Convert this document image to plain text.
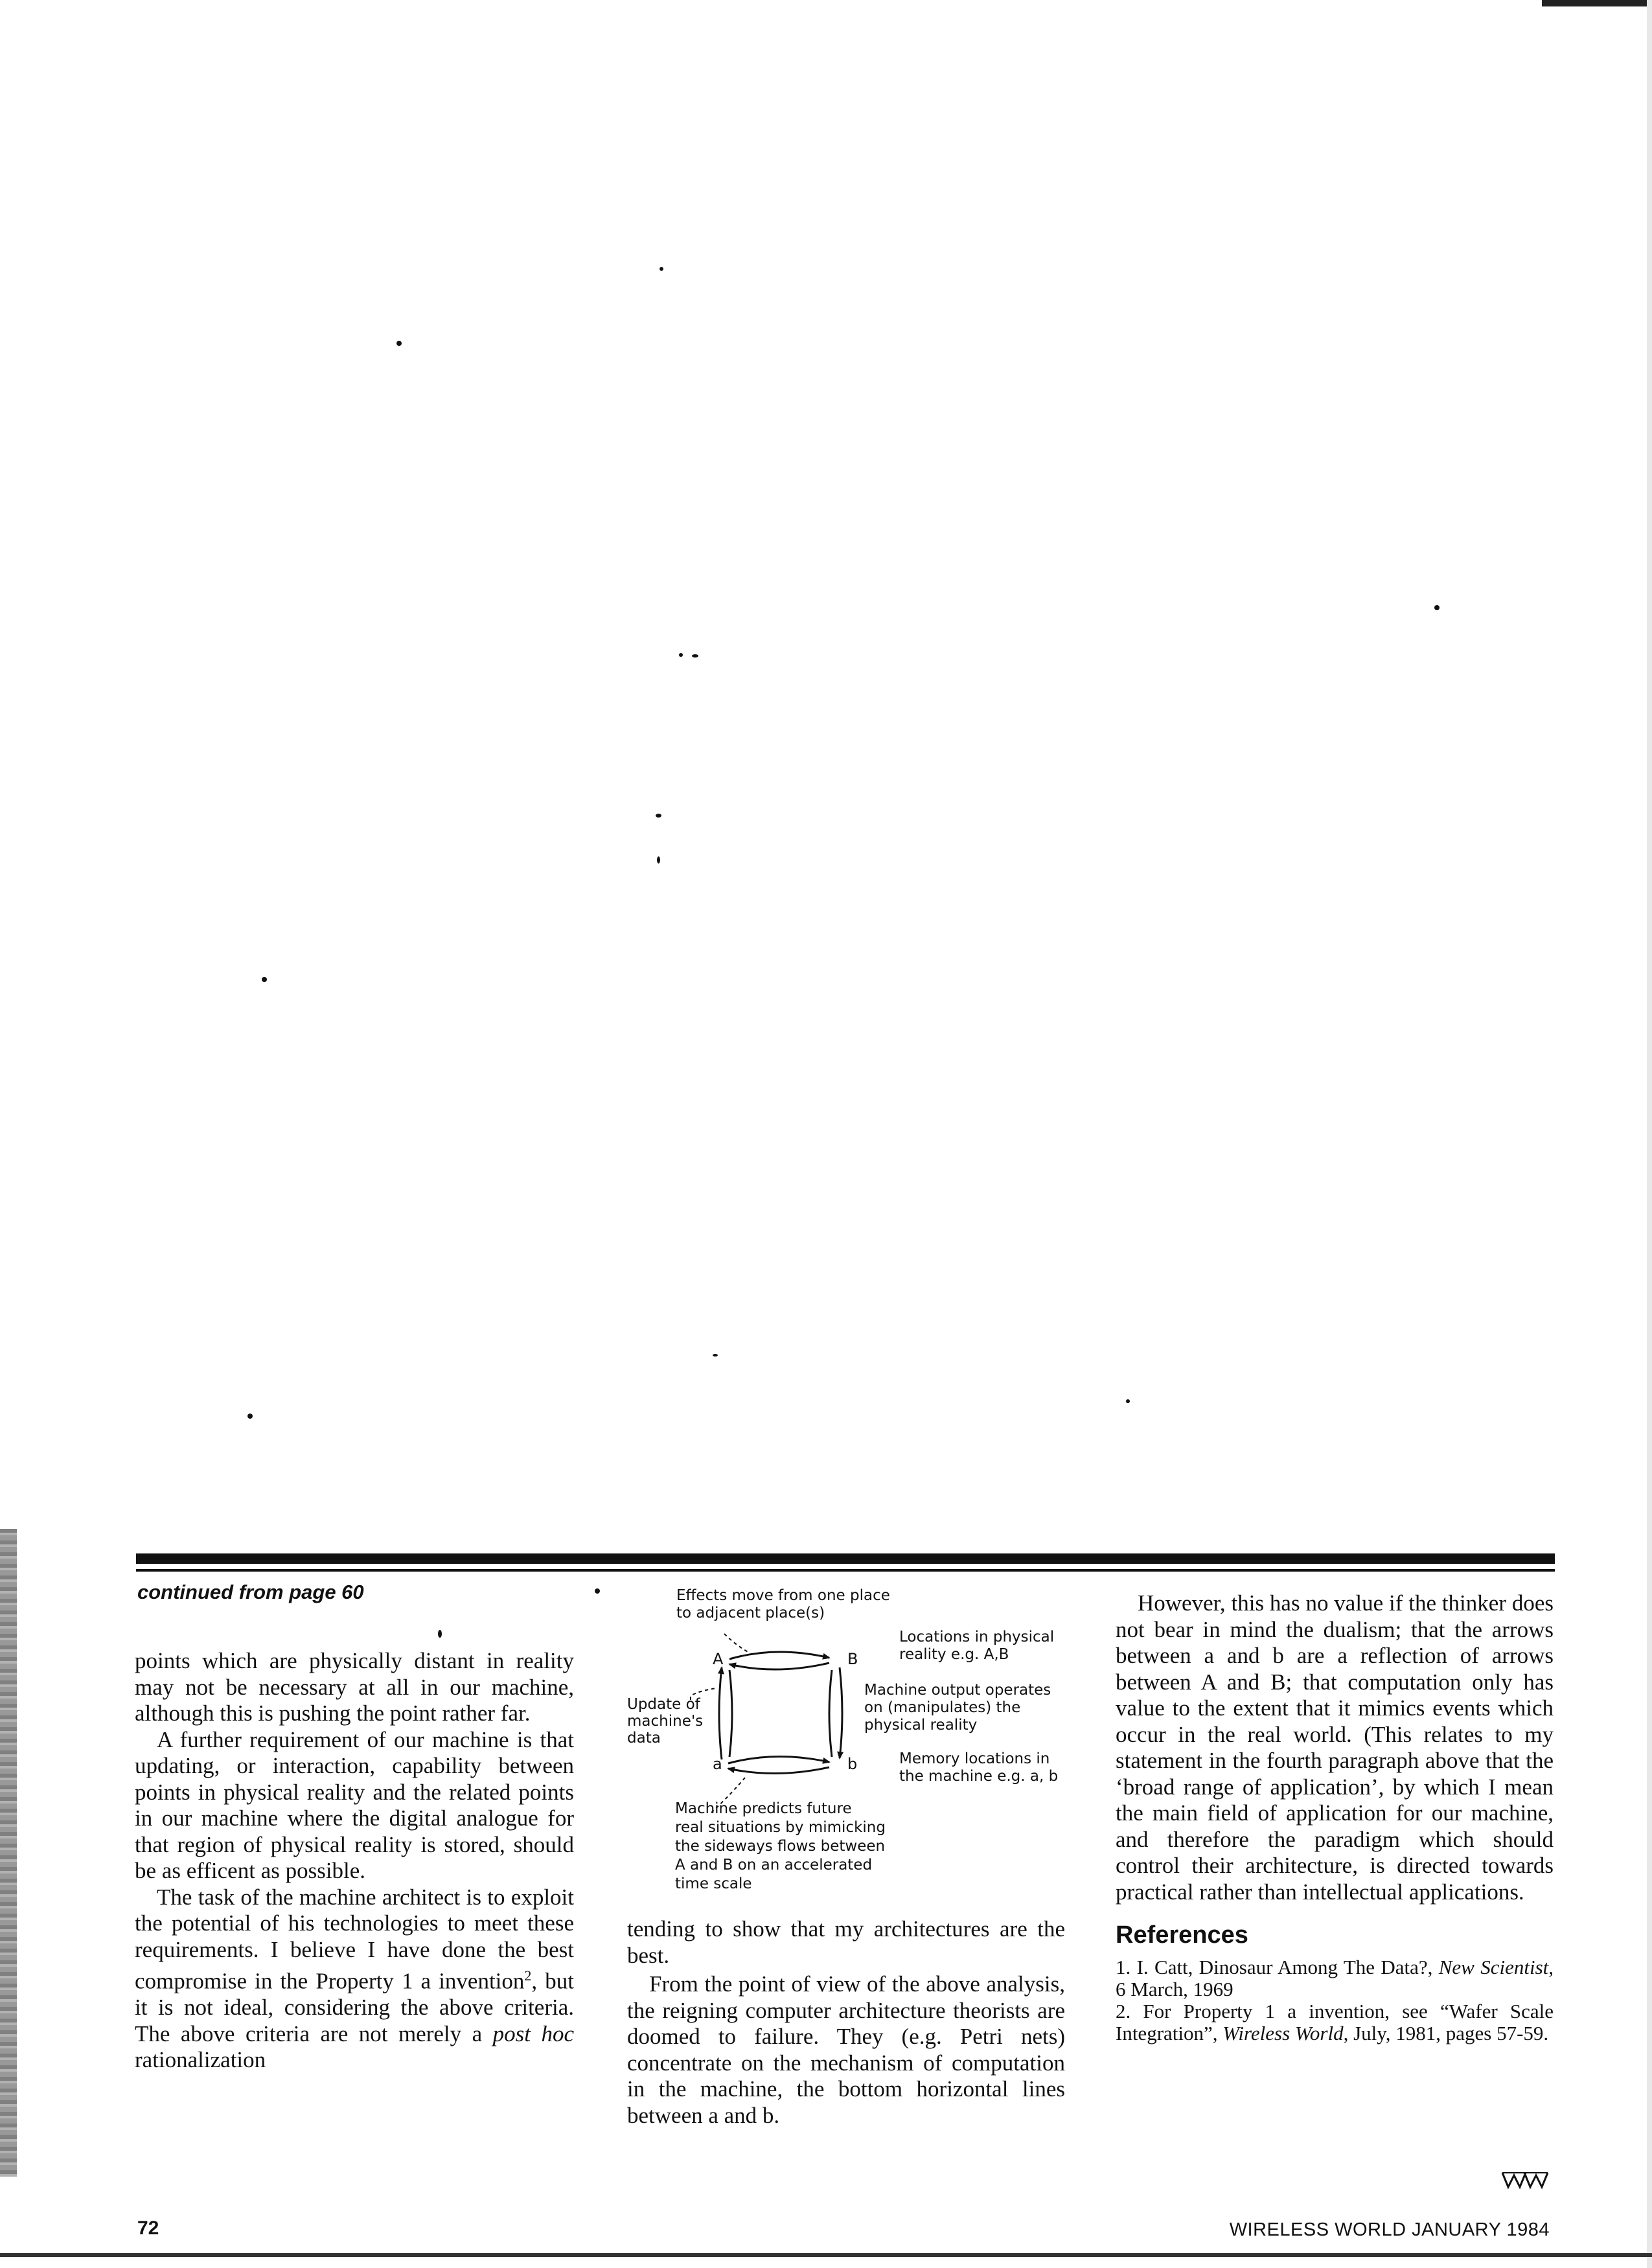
continued from page 60

points which are physically distant in reality may not be necessary at all in our machine, although this is pushing the point rather far.

A further requirement of our machine is that updating, or interaction, capability between points in physical reality and the related points in our machine where the digital analogue for that region of physical reality is stored, should be as efficent as possible.

The task of the machine architect is to exploit the potential of his technologies to meet these requirements. I believe I have done the best compromise in the Property 1 a invention$^2$, but it is not ideal, considering the above criteria. The above criteria are not merely a post hoc rationalization

Effects move from one place
to adjacent place(s)
Locations in physical
reality e.g. A,B
Update of
machine's
data
Machine output operates
on (manipulates) the
physical reality
Memory locations in
the machine e.g. a, b
Machine predicts future
real situations by mimicking
the sideways flows between
A and B on an accelerated
time scale
A	B
a	b

tending to show that my architectures are the best.

From the point of view of the above analysis, the reigning computer architecture theorists are doomed to failure. They (e.g. Petri nets) concentrate on the mechanism of computation in the machine, the bottom horizontal lines between a and b.

However, this has no value if the thinker does not bear in mind the dualism; that the arrows between a and b are a reflection of arrows between A and B; that computation only has value to the extent that it mimics events which occur in the real world. (This relates to my statement in the fourth paragraph above that the ‘broad range of application’, by which I mean the main field of application for our machine, and therefore the paradigm which should control their architecture, is directed towards practical rather than intellectual applications.

References

1. I. Catt, Dinosaur Among The Data?, New Scientist, 6 March, 1969

2. For Property 1 a invention, see “Wafer Scale Integration”, Wireless World, July, 1981, pages 57-59.

72	WIRELESS WORLD JANUARY 1984
